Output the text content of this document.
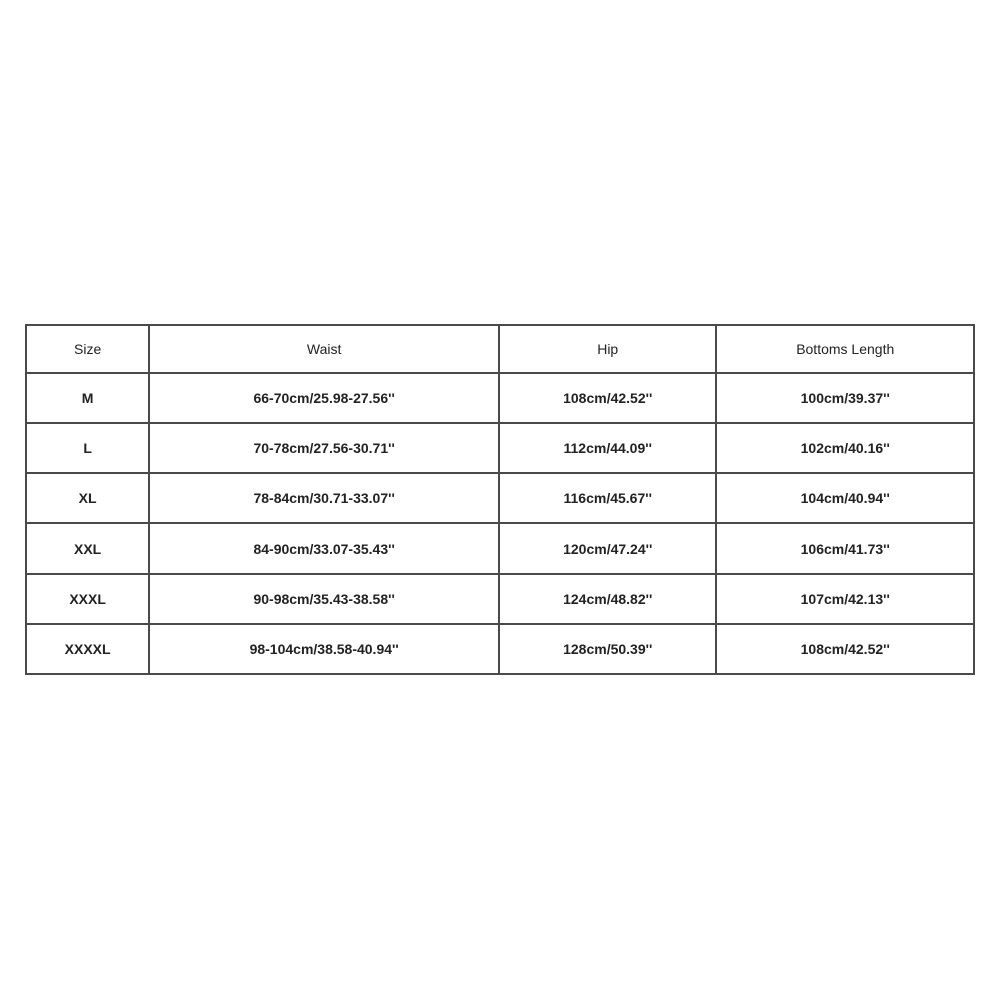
Size	Waist	Hip	Bottoms Length
M	66-70cm/25.98-27.56''	108cm/42.52''	100cm/39.37''
L	70-78cm/27.56-30.71''	112cm/44.09''	102cm/40.16''
XL	78-84cm/30.71-33.07''	116cm/45.67''	104cm/40.94''
XXL	84-90cm/33.07-35.43''	120cm/47.24''	106cm/41.73''
XXXL	90-98cm/35.43-38.58''	124cm/48.82''	107cm/42.13''
XXXXL	98-104cm/38.58-40.94''	128cm/50.39''	108cm/42.52''
